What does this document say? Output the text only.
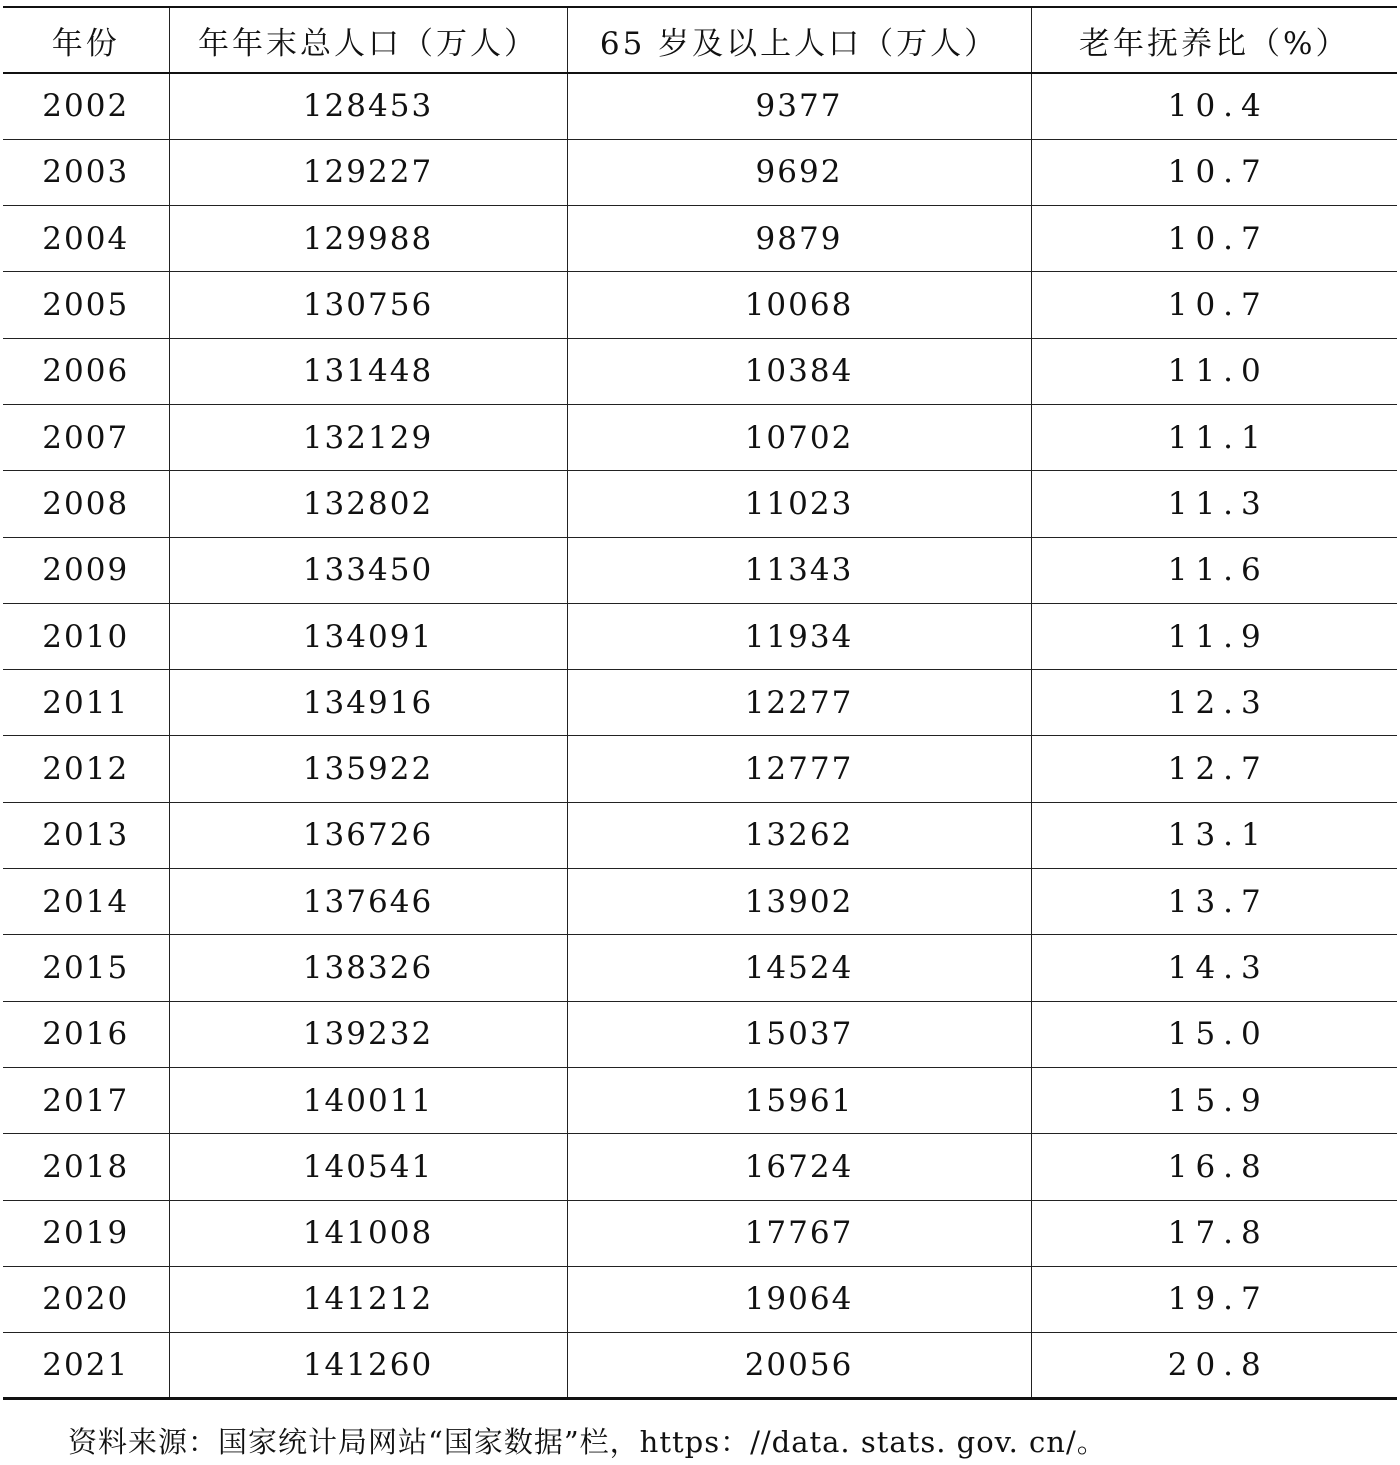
年份	年年末总人口（万人）	65 岁及以上人口（万人）	老年抚养比（%）
2002	128453	9377	10.4
2003	129227	9692	10.7
2004	129988	9879	10.7
2005	130756	10068	10.7
2006	131448	10384	11.0
2007	132129	10702	11.1
2008	132802	11023	11.3
2009	133450	11343	11.6
2010	134091	11934	11.9
2011	134916	12277	12.3
2012	135922	12777	12.7
2013	136726	13262	13.1
2014	137646	13902	13.7
2015	138326	14524	14.3
2016	139232	15037	15.0
2017	140011	15961	15.9
2018	140541	16724	16.8
2019	141008	17767	17.8
2020	141212	19064	19.7
2021	141260	20056	20.8
资料来源：国家统计局网站“国家数据”栏，https：//data. stats. gov. cn/。
